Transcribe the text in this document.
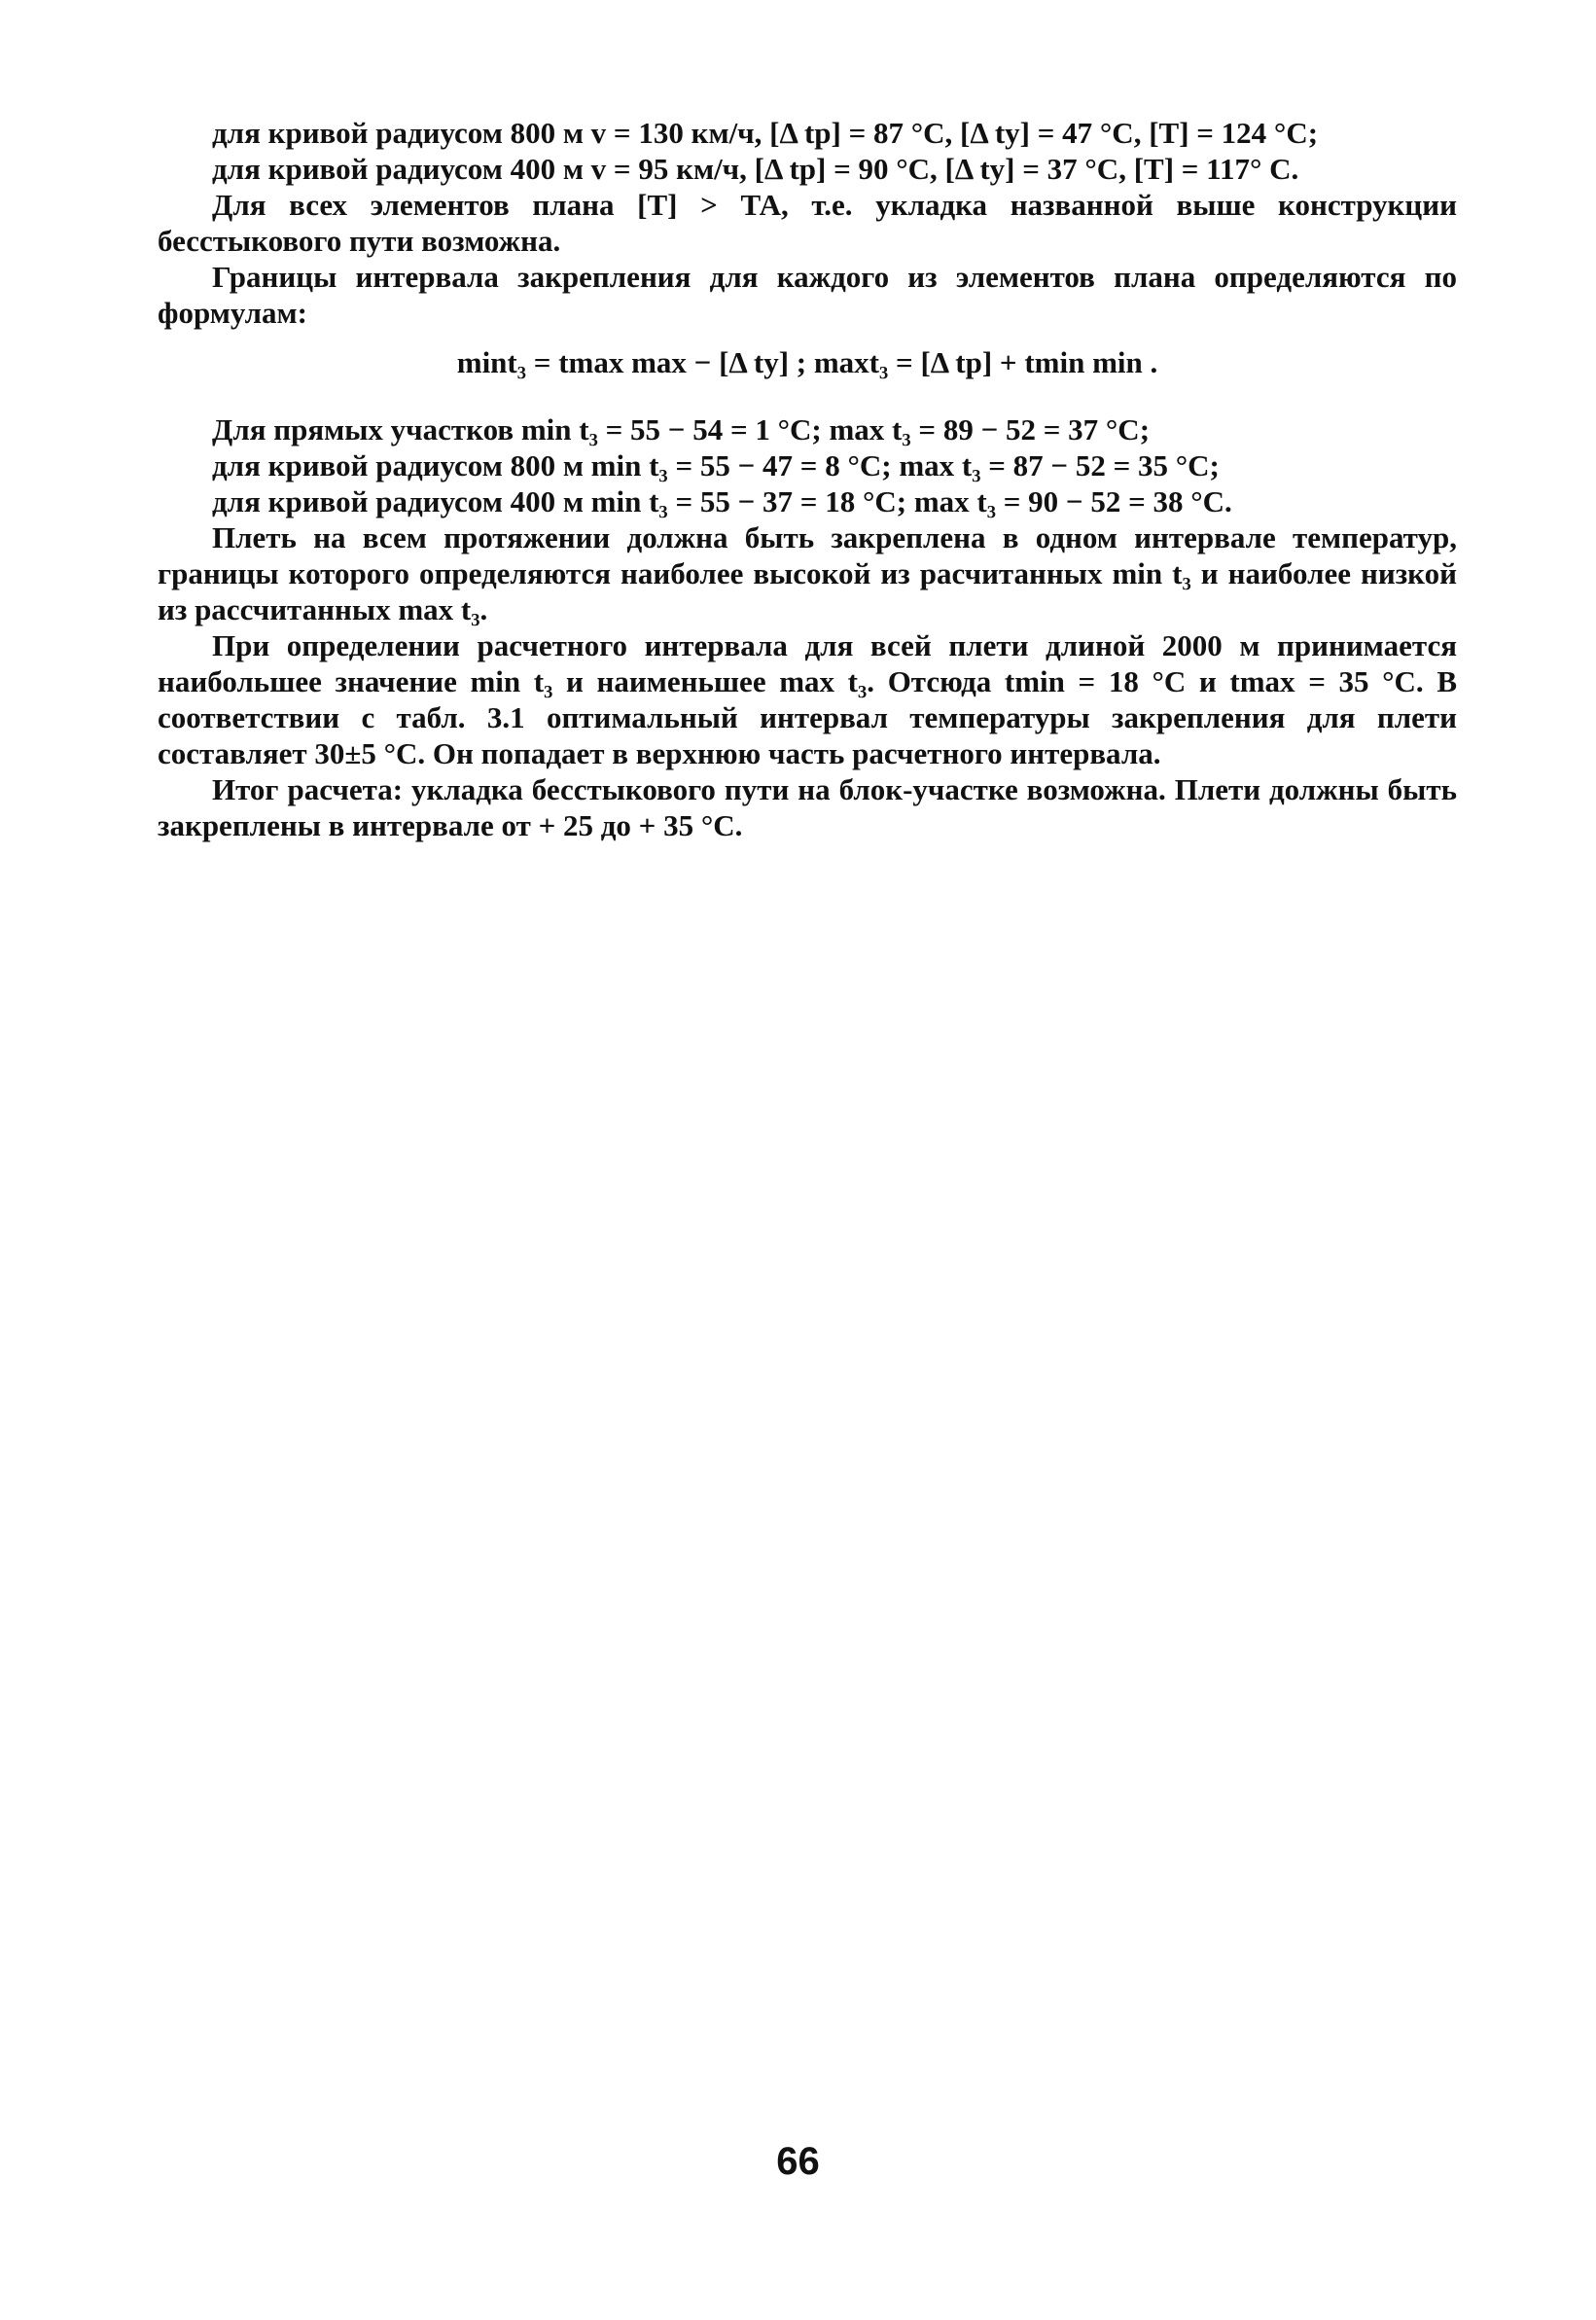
для кривой радиусом 800 м v = 130 км/ч, [Δ tр] = 87 °С, [Δ tу] = 47 °С, [Т] = 124 °С;

для кривой радиусом 400 м v = 95 км/ч, [Δ tр] = 90 °С, [Δ tу] = 37 °С, [Т] = 117° С.

Для всех элементов плана [Т] > ТА, т.е. укладка названной выше конструкции бесстыкового пути возможна.

Границы интервала закрепления для каждого из элементов плана определяются по формулам:

mint₃ = tmax max − [Δ tу] ; maxt₃ = [Δ tр] + tmin min .

Для прямых участков min t₃ = 55 − 54 = 1 °С; max t₃ = 89 − 52 = 37 °С;

для кривой радиусом 800 м min t₃ = 55 − 47 = 8 °С; max t₃ = 87 − 52 = 35 °С;

для кривой радиусом 400 м min t₃ = 55 − 37 = 18 °С; max t₃ = 90 − 52 = 38 °С.

Плеть на всем протяжении должна быть закреплена в одном интервале температур, границы которого определяются наиболее высокой из расчитанных min t₃ и наиболее низкой из рассчитанных max t₃.

При определении расчетного интервала для всей плети длиной 2000 м принимается наибольшее значение min t₃ и наименьшее max t₃. Отсюда tmin = 18 °С и tmax = 35 °С. В соответствии с табл. 3.1 оптимальный интервал температуры закрепления для плети составляет 30±5 °С. Он попадает в верхнюю часть расчетного интервала.

Итог расчета: укладка бесстыкового пути на блок-участке возможна. Плети должны быть закреплены в интервале от + 25 до + 35 °С.

66
